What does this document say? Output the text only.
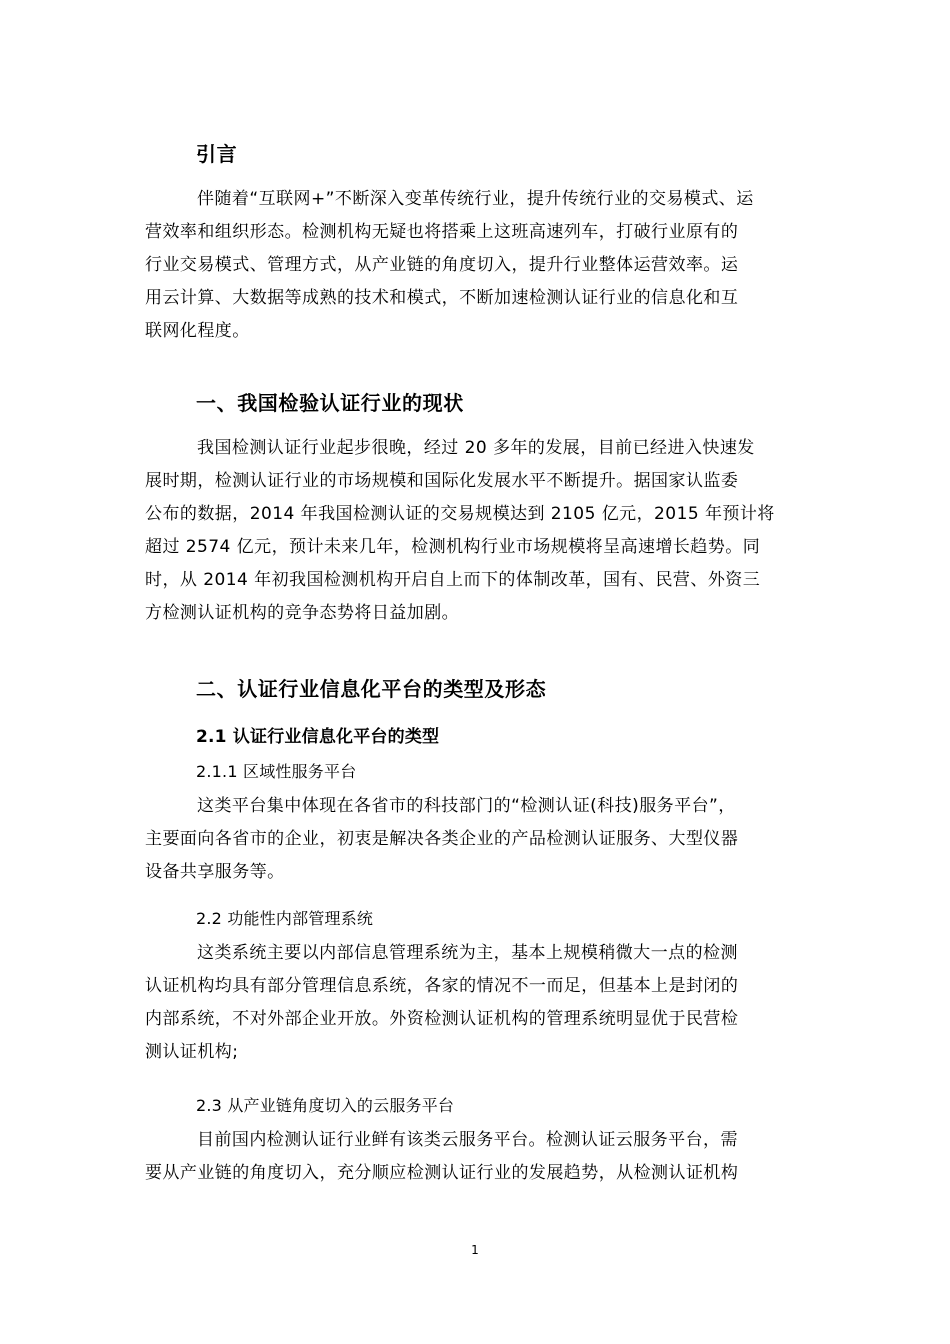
引言
伴随着“互联网+”不断深入变革传统行业，提升传统行业的交易模式、运
营效率和组织形态。检测机构无疑也将搭乘上这班高速列车，打破行业原有的
行业交易模式、管理方式，从产业链的角度切入，提升行业整体运营效率。运
用云计算、大数据等成熟的技术和模式，不断加速检测认证行业的信息化和互
联网化程度。
一、我国检验认证行业的现状
我国检测认证行业起步很晚，经过 20 多年的发展，目前已经进入快速发
展时期，检测认证行业的市场规模和国际化发展水平不断提升。据国家认监委
公布的数据，2014 年我国检测认证的交易规模达到 2105 亿元，2015 年预计将
超过 2574 亿元，预计未来几年，检测机构行业市场规模将呈高速增长趋势。同
时，从 2014 年初我国检测机构开启自上而下的体制改革，国有、民营、外资三
方检测认证机构的竞争态势将日益加剧。
二、认证行业信息化平台的类型及形态
2.1 认证行业信息化平台的类型
2.1.1 区域性服务平台
这类平台集中体现在各省市的科技部门的“检测认证(科技)服务平台”，
主要面向各省市的企业，初衷是解决各类企业的产品检测认证服务、大型仪器
设备共享服务等。
2.2 功能性内部管理系统
这类系统主要以内部信息管理系统为主，基本上规模稍微大一点的检测
认证机构均具有部分管理信息系统，各家的情况不一而足，但基本上是封闭的
内部系统，不对外部企业开放。外资检测认证机构的管理系统明显优于民营检
测认证机构;
2.3 从产业链角度切入的云服务平台
目前国内检测认证行业鲜有该类云服务平台。检测认证云服务平台，需
要从产业链的角度切入，充分顺应检测认证行业的发展趋势，从检测认证机构
1
